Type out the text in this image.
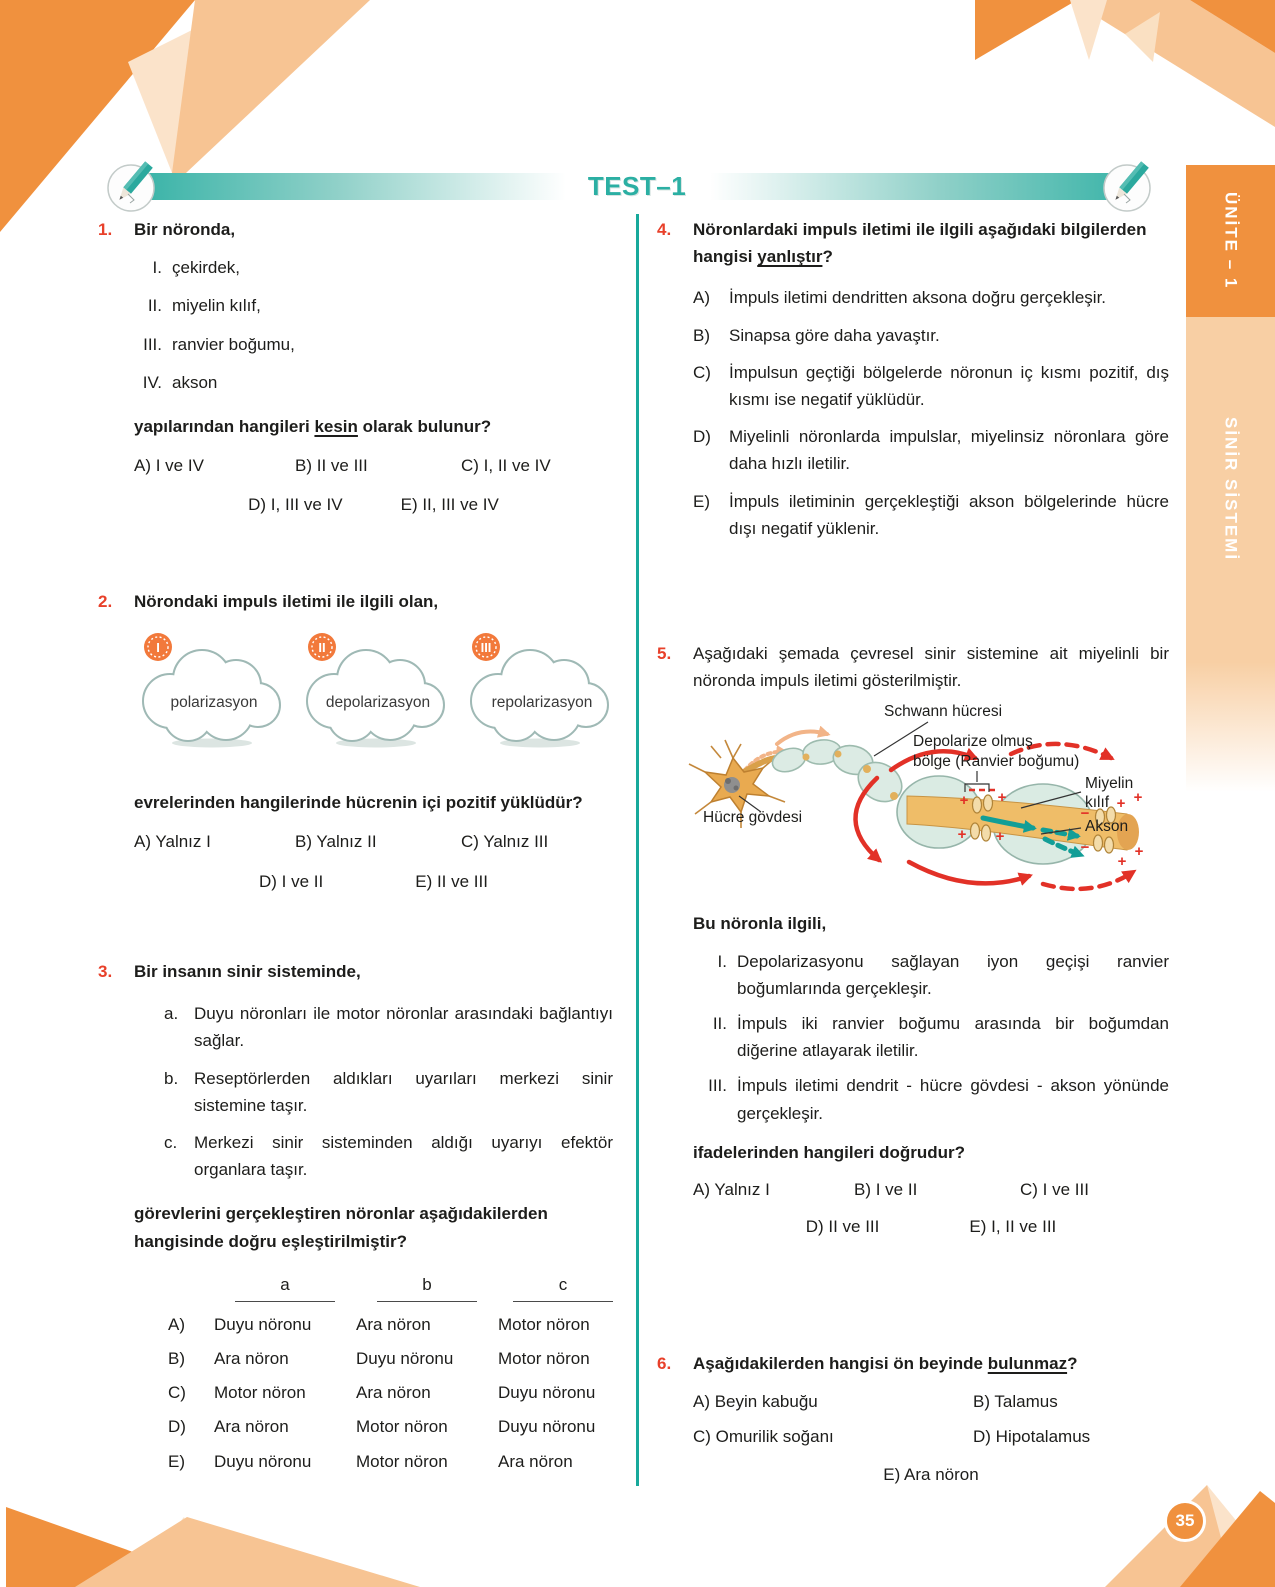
ÜNİTE – 1
SİNİR SİSTEMİ
TEST–1
1. Bir nöronda,
I. çekirdek,
II. miyelin kılıf,
III. ranvier boğumu,
IV. akson
yapılarından hangileri kesin olarak bulunur?
A) I ve IV	B) II ve III	C) I, II ve IV
D) I, III ve IV	E) II, III ve IV
2. Nörondaki impuls iletimi ile ilgili olan,
polarizasyon
I
depolarizasyon
II
repolarizasyon
III
evrelerinden hangilerinde hücrenin içi pozitif yüklüdür?
A) Yalnız I	B) Yalnız II	C) Yalnız III
D) I ve II	E) II ve III
3. Bir insanın sinir sisteminde,
a. Duyu nöronları ile motor nöronlar arasındaki bağlantıyı sağlar.
b. Reseptörlerden aldıkları uyarıları merkezi sinir sistemine taşır.
c. Merkezi sinir sisteminden aldığı uyarıyı efektör organlara taşır.
görevlerini gerçekleştiren nöronlar aşağıdakilerden hangisinde doğru eşleştirilmiştir?
a	b	c
A)	Duyu nöronu	Ara nöron	Motor nöron
B)	Ara nöron	Duyu nöronu	Motor nöron
C)	Motor nöron	Ara nöron	Duyu nöronu
D)	Ara nöron	Motor nöron	Duyu nöronu
E)	Duyu nöronu	Motor nöron	Ara nöron
4. Nöronlardaki impuls iletimi ile ilgili aşağıdaki bilgilerden hangisi yanlıştır?
A)	İmpuls iletimi dendritten aksona doğru gerçekleşir.
B)	Sinapsa göre daha yavaştır.
C)	İmpulsun geçtiği bölgelerde nöronun iç kısmı pozitif, dış kısmı ise negatif yüklüdür.
D)	Miyelinli nöronlarda impulslar, miyelinsiz nöronlara göre daha hızlı iletilir.
E)	İmpuls iletiminin gerçekleştiği akson bölgelerinde hücre dışı negatif yüklenir.
5. Aşağıdaki şemada çevresel sinir sistemine ait miyelinli bir nöronda impuls iletimi gösterilmiştir.
+ +
+ +
−
−
+ +
+
+
Schwann hücresi
Depolarize olmuş
bölge (Ranvier boğumu)
Hücre gövdesi
Miyelin
kılıf
Akson
Bu nöronla ilgili,
I. Depolarizasyonu sağlayan iyon geçişi ranvier boğumlarında gerçekleşir.
II. İmpuls iki ranvier boğumu arasında bir boğumdan diğerine atlayarak iletilir.
III. İmpuls iletimi dendrit - hücre gövdesi - akson yönünde gerçekleşir.
ifadelerinden hangileri doğrudur?
A) Yalnız I	B) I ve II	C) I ve III
D) II ve III	E) I, II ve III
6. Aşağıdakilerden hangisi ön beyinde bulunmaz?
A) Beyin kabuğu	B) Talamus
C) Omurilik soğanı	D) Hipotalamus
E) Ara nöron
35
